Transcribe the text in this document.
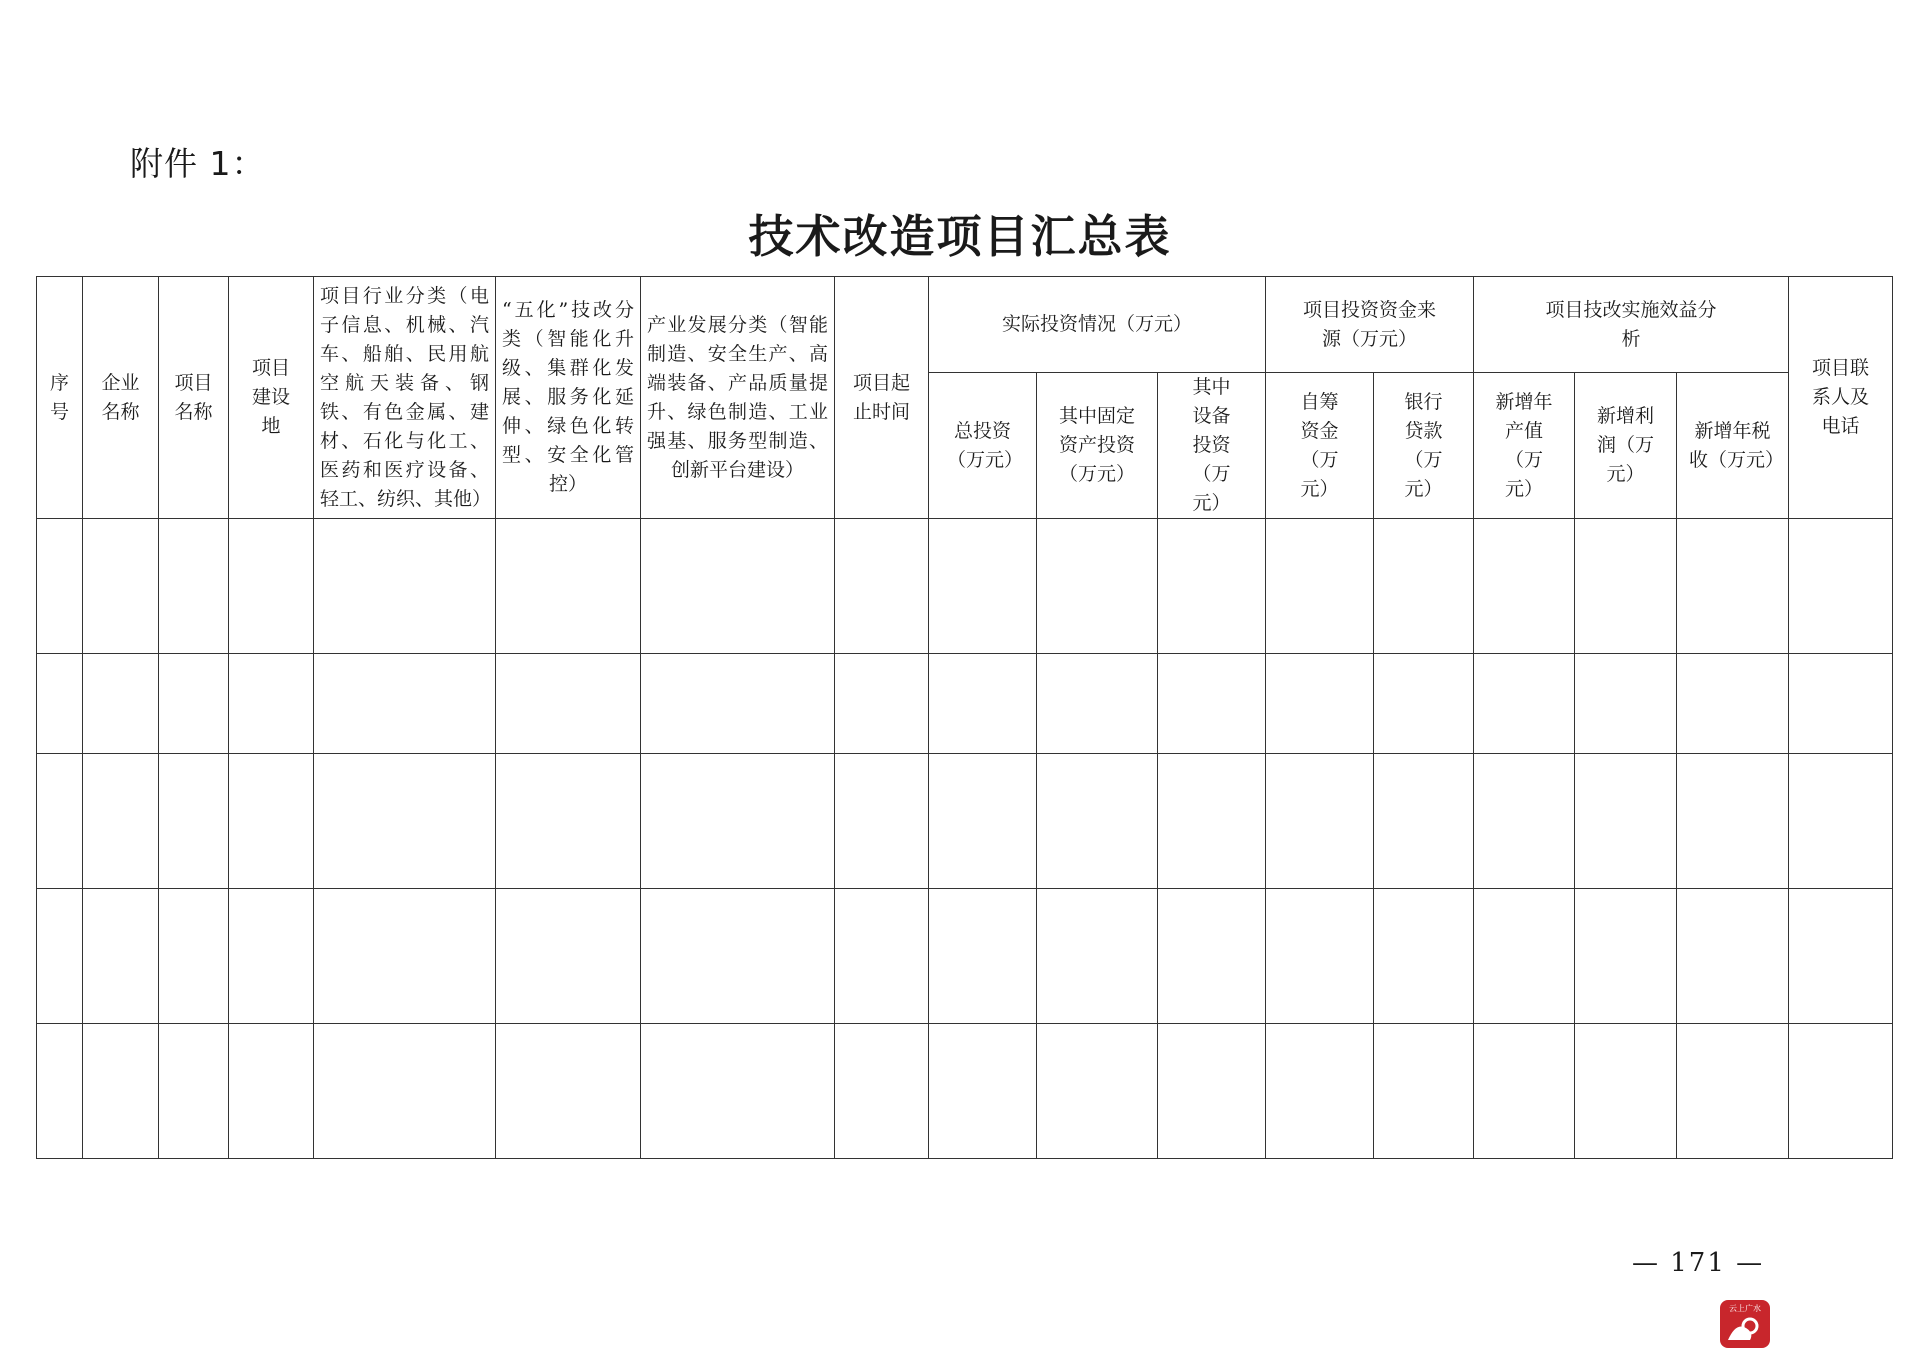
附件 1：
技术改造项目汇总表
序号	企业名称	项目名称	项目建设地	项目行业分类（电子信息、机械、汽车、船舶、民用航空航天装备、钢铁、有色金属、建材、石化与化工、医药和医疗设备、轻工、纺织、其他）	“五化”技改分类（智能化升级、集群化发展、服务化延伸、绿色化转型、安全化管控）	产业发展分类（智能制造、安全生产、高端装备、产品质量提升、绿色制造、工业强基、服务型制造、创新平台建设）	项目起止时间	实际投资情况（万元）			项目投资资金来源（万元）		项目技改实施效益分析			项目联系人及电话
								总投资（万元）	其中固定资产投资（万元）	其中设备投资（万元）	自筹资金（万元）	银行贷款（万元）	新增年产值（万元）	新增利润（万元）	新增年税收（万元）	

— 171 —
云上广水
